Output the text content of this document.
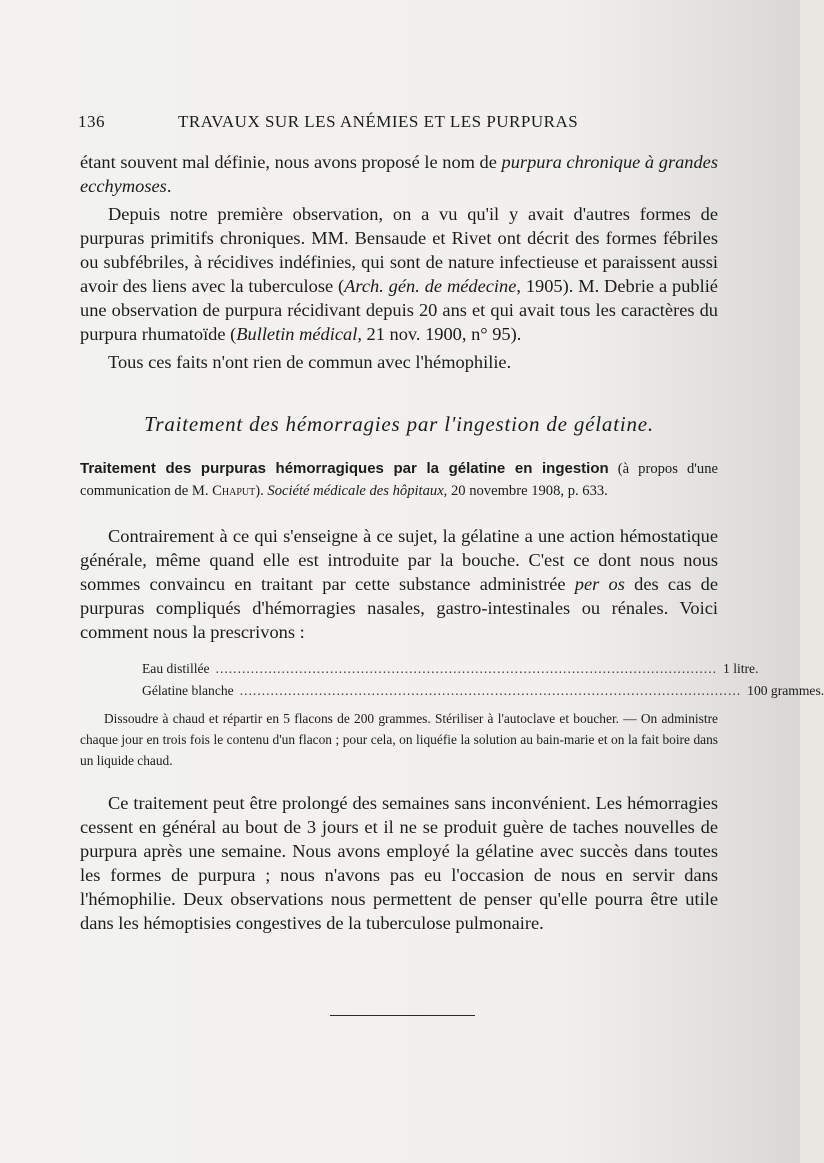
136	TRAVAUX SUR LES ANÉMIES ET LES PURPURAS

étant souvent mal définie, nous avons proposé le nom de purpura chronique à grandes ecchymoses.

Depuis notre première observation, on a vu qu'il y avait d'autres formes de purpuras primitifs chroniques. MM. Bensaude et Rivet ont décrit des formes fébriles ou subfébriles, à récidives indéfinies, qui sont de nature infectieuse et paraissent aussi avoir des liens avec la tuberculose (Arch. gén. de médecine, 1905). M. Debrie a publié une observation de purpura récidivant depuis 20 ans et qui avait tous les caractères du purpura rhumatoïde (Bulletin médical, 21 nov. 1900, n° 95).

Tous ces faits n'ont rien de commun avec l'hémophilie.

Traitement des hémorragies par l'ingestion de gélatine.

Traitement des purpuras hémorragiques par la gélatine en ingestion (à propos d'une communication de M. Chaput). Société médicale des hôpitaux, 20 novembre 1908, p. 633.

Contrairement à ce qui s'enseigne à ce sujet, la gélatine a une action hémostatique générale, même quand elle est introduite par la bouche. C'est ce dont nous nous sommes convaincu en traitant par cette substance administrée per os des cas de purpuras compliqués d'hémorragies nasales, gastro-intestinales ou rénales. Voici comment nous la prescrivons :

Eau distillée .................................................................................................................. 1 litre.
Gélatine blanche .................................................................................................................. 100 grammes.

Dissoudre à chaud et répartir en 5 flacons de 200 grammes. Stériliser à l'autoclave et boucher. — On administre chaque jour en trois fois le contenu d'un flacon ; pour cela, on liquéfie la solution au bain-marie et on la fait boire dans un liquide chaud.

Ce traitement peut être prolongé des semaines sans inconvénient. Les hémorragies cessent en général au bout de 3 jours et il ne se produit guère de taches nouvelles de purpura après une semaine. Nous avons employé la gélatine avec succès dans toutes les formes de purpura ; nous n'avons pas eu l'occasion de nous en servir dans l'hémophilie. Deux observations nous permettent de penser qu'elle pourra être utile dans les hémoptisies congestives de la tuberculose pulmonaire.
